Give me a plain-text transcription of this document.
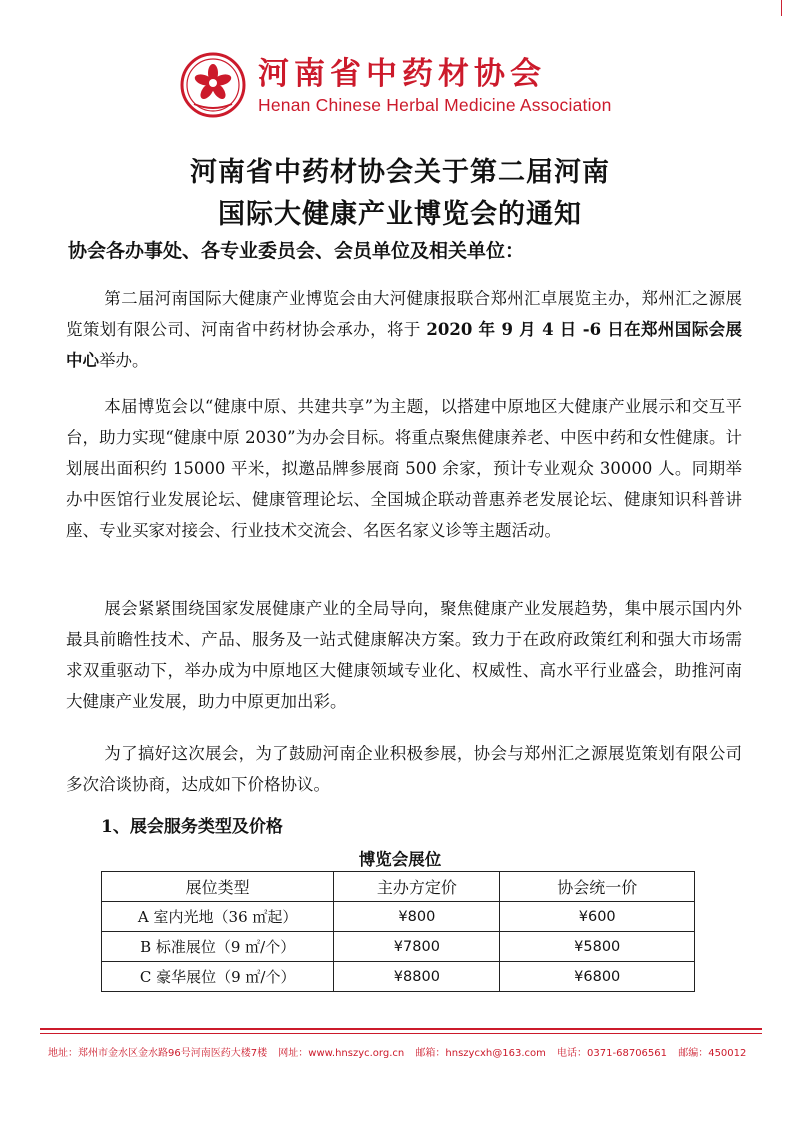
河南省中药材协会
Henan Chinese Herbal Medicine Association
河南省中药材协会关于第二届河南
国际大健康产业博览会的通知
协会各办事处、各专业委员会、会员单位及相关单位：

第二届河南国际大健康产业博览会由大河健康报联合郑州汇卓展览主办，郑州汇之源展览策划有限公司、河南省中药材协会承办，将于 2020 年 9 月 4 日 -6 日在郑州国际会展中心举办。

本届博览会以“健康中原、共建共享”为主题，以搭建中原地区大健康产业展示和交互平台，助力实现“健康中原 2030”为办会目标。将重点聚焦健康养老、中医中药和女性健康。计划展出面积约 15000 平米，拟邀品牌参展商 500 余家，预计专业观众 30000 人。同期举办中医馆行业发展论坛、健康管理论坛、全国城企联动普惠养老发展论坛、健康知识科普讲座、专业买家对接会、行业技术交流会、名医名家义诊等主题活动。

展会紧紧围绕国家发展健康产业的全局导向，聚焦健康产业发展趋势，集中展示国内外最具前瞻性技术、产品、服务及一站式健康解决方案。致力于在政府政策红利和强大市场需求双重驱动下，举办成为中原地区大健康领域专业化、权威性、高水平行业盛会，助推河南大健康产业发展，助力中原更加出彩。

为了搞好这次展会，为了鼓励河南企业积极参展，协会与郑州汇之源展览策划有限公司多次洽谈协商，达成如下价格协议。

1、展会服务类型及价格
博览会展位
展位类型	主办方定价	协会统一价
A 室内光地（36 ㎡起）	¥800	¥600
B 标准展位（9 ㎡/个）	¥7800	¥5800
C 豪华展位（9 ㎡/个）	¥8800	¥6800
地址：郑州市金水区金水路96号河南医药大楼7楼 网址：www.hnszyc.org.cn 邮箱：hnszycxh@163.com 电话：0371-68706561 邮编：450012
